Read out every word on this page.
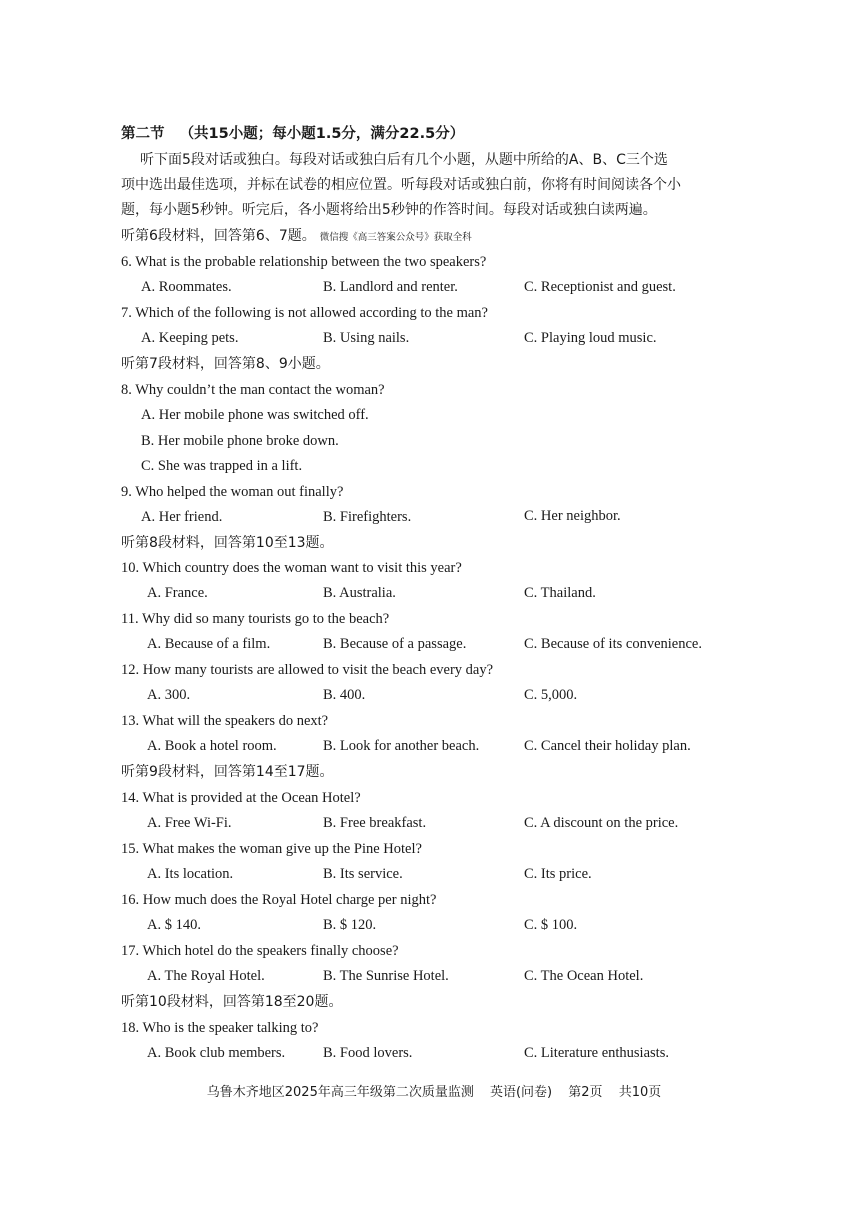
第二节 （共15小题；每小题1.5分，满分22.5分）
听下面5段对话或独白。每段对话或独白后有几个小题，从题中所给的A、B、C三个选
项中选出最佳选项，并标在试卷的相应位置。听每段对话或独白前，你将有时间阅读各个小
题，每小题5秒钟。听完后，各小题将给出5秒钟的作答时间。每段对话或独白读两遍。
听第6段材料，回答第6、7题。 微信搜《高三答案公众号》获取全科
6. What is the probable relationship between the two speakers?
A. Roommates.	B. Landlord and renter.	C. Receptionist and guest.
7. Which of the following is not allowed according to the man?
A. Keeping pets.	B. Using nails.	C. Playing loud music.
听第7段材料，回答第8、9小题。
8. Why couldn’t the man contact the woman?
A. Her mobile phone was switched off.
B. Her mobile phone broke down.
C. She was trapped in a lift.
9. Who helped the woman out finally?
A. Her friend.	B. Firefighters.	C. Her neighbor.
听第8段材料，回答第10至13题。
10. Which country does the woman want to visit this year?
A. France.	B. Australia.	C. Thailand.
11. Why did so many tourists go to the beach?
A. Because of a film.	B. Because of a passage.	C. Because of its convenience.
12. How many tourists are allowed to visit the beach every day?
A. 300.	B. 400.	C. 5,000.
13. What will the speakers do next?
A. Book a hotel room.	B. Look for another beach.	C. Cancel their holiday plan.
听第9段材料，回答第14至17题。
14. What is provided at the Ocean Hotel?
A. Free Wi-Fi.	B. Free breakfast.	C. A discount on the price.
15. What makes the woman give up the Pine Hotel?
A. Its location.	B. Its service.	C. Its price.
16. How much does the Royal Hotel charge per night?
A. $ 140.	B. $ 120.	C. $ 100.
17. Which hotel do the speakers finally choose?
A. The Royal Hotel.	B. The Sunrise Hotel.	C. The Ocean Hotel.
听第10段材料，回答第18至20题。
18. Who is the speaker talking to?
A. Book club members.	B. Food lovers.	C. Literature enthusiasts.
乌鲁木齐地区2025年高三年级第二次质量监测 英语(问卷) 第2页 共10页
